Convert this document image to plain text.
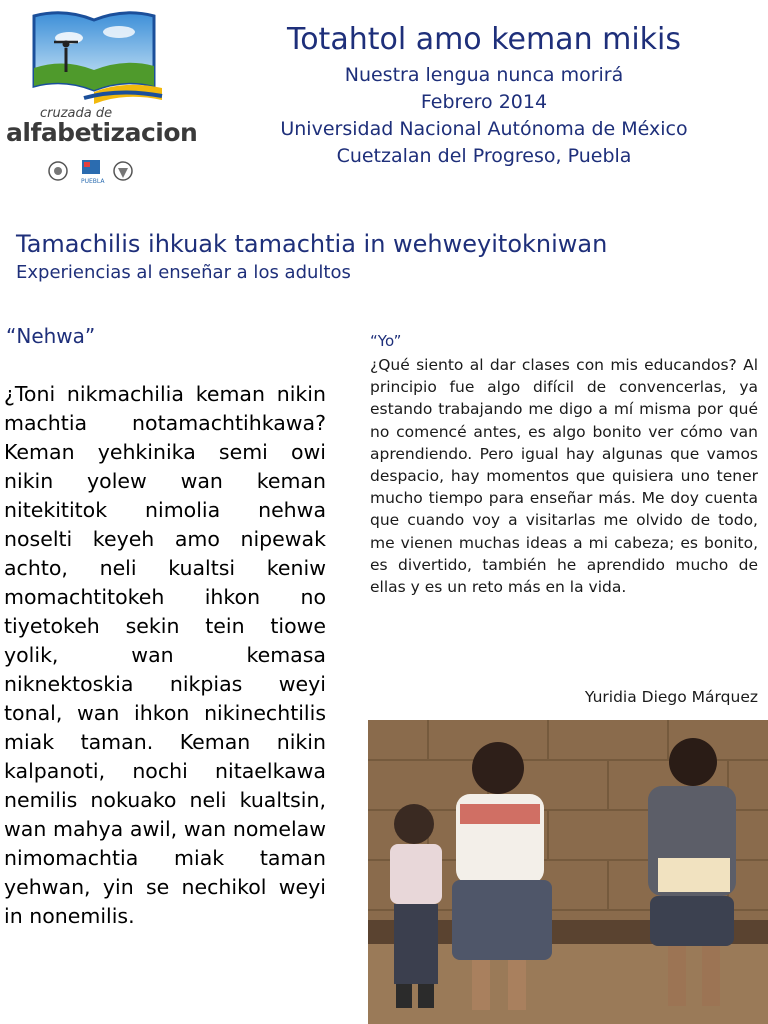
cruzada de
alfabetizacion
PUEBLA
Totahtol amo keman mikis
Nuestra lengua nunca morirá
Febrero 2014
Universidad Nacional Autónoma de México
Cuetzalan del Progreso, Puebla
Tamachilis ihkuak tamachtia in wehweyitokniwan
Experiencias al enseñar a los adultos
“Nehwa”
¿Toni nikmachilia keman nikin machtia notamachtihkawa? Keman yehkinika semi owi nikin yolew wan keman nitekititok nimolia nehwa noselti keyeh amo nipewak achto, neli kualtsi keniw momachtitokeh ihkon no tiyetokeh sekin tein tiowe yolik, wan kemasa niknektoskia nikpias weyi tonal, wan ihkon nikinechtilis miak taman. Keman nikin kalpanoti, nochi nitaelkawa nemilis nokuako neli kualtsin, wan mahya awil, wan nomelaw nimomachtia miak taman yehwan, yin se nechikol weyi in nonemilis.
“Yo”
¿Qué siento al dar clases con mis educandos? Al principio fue algo difícil de convencerlas, ya estando trabajando me digo a mí misma por qué no comencé antes, es algo bonito ver cómo van aprendiendo. Pero igual hay algunas que vamos despacio, hay momentos que quisiera uno tener mucho tiempo para enseñar más. Me doy cuenta que cuando voy a visitarlas me olvido de todo, me vienen muchas ideas a mi cabeza; es bonito, es divertido, también he aprendido mucho de ellas y es un reto más en la vida.
Yuridia Diego Márquez
